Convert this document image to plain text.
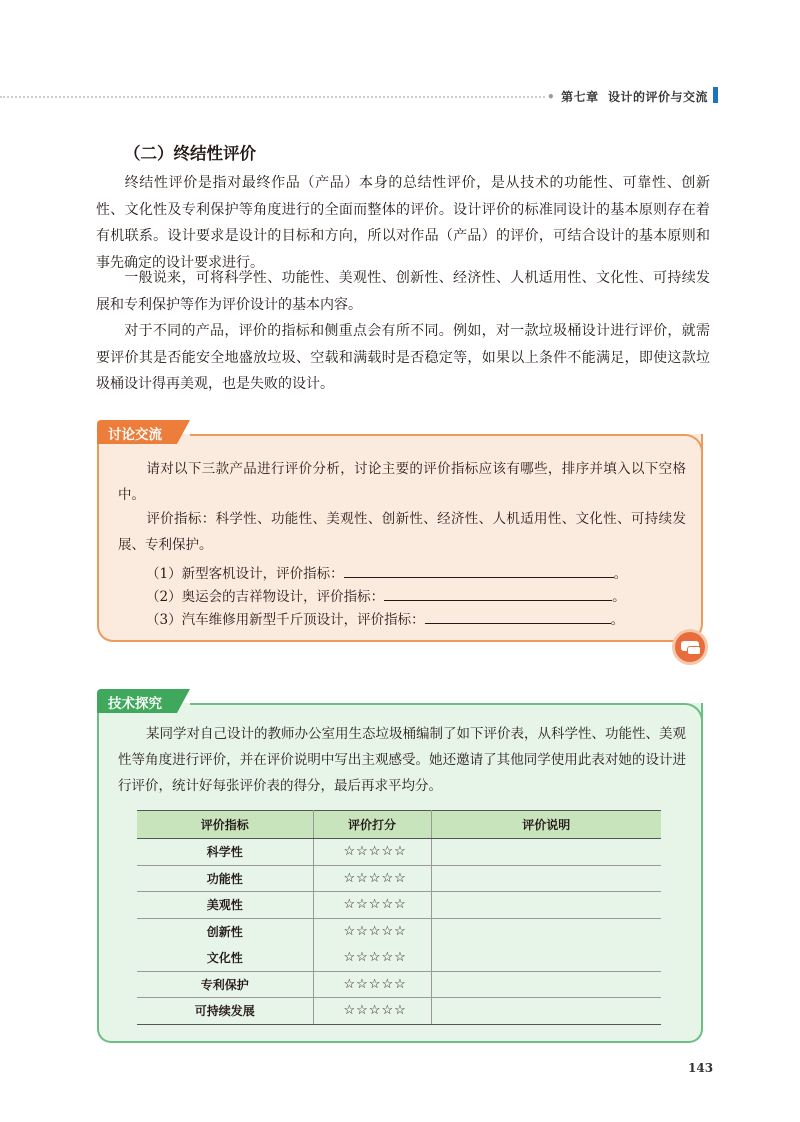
• 第七章 设计的评价与交流
（二）终结性评价
终结性评价是指对最终作品（产品）本身的总结性评价，是从技术的功能性、可靠性、创新性、文化性及专利保护等角度进行的全面而整体的评价。设计评价的标准同设计的基本原则存在着有机联系。设计要求是设计的目标和方向，所以对作品（产品）的评价，可结合设计的基本原则和事先确定的设计要求进行。
一般说来，可将科学性、功能性、美观性、创新性、经济性、人机适用性、文化性、可持续发展和专利保护等作为评价设计的基本内容。
对于不同的产品，评价的指标和侧重点会有所不同。例如，对一款垃圾桶设计进行评价，就需要评价其是否能安全地盛放垃圾、空载和满载时是否稳定等，如果以上条件不能满足，即使这款垃圾桶设计得再美观，也是失败的设计。
讨论交流
请对以下三款产品进行评价分析，讨论主要的评价指标应该有哪些，排序并填入以下空格中。
评价指标：科学性、功能性、美观性、创新性、经济性、人机适用性、文化性、可持续发展、专利保护。
（1）新型客机设计，评价指标：	。
（2）奥运会的吉祥物设计，评价指标：	。
（3）汽车维修用新型千斤顶设计，评价指标：	。
技术探究
某同学对自己设计的教师办公室用生态垃圾桶编制了如下评价表，从科学性、功能性、美观性等角度进行评价，并在评价说明中写出主观感受。她还邀请了其他同学使用此表对她的设计进行评价，统计好每张评价表的得分，最后再求平均分。
评价指标	评价打分	评价说明
科学性	☆☆☆☆☆	
功能性	☆☆☆☆☆	
美观性	☆☆☆☆☆	
创新性	☆☆☆☆☆	
文化性	☆☆☆☆☆	
专利保护	☆☆☆☆☆	
可持续发展	☆☆☆☆☆	
143
